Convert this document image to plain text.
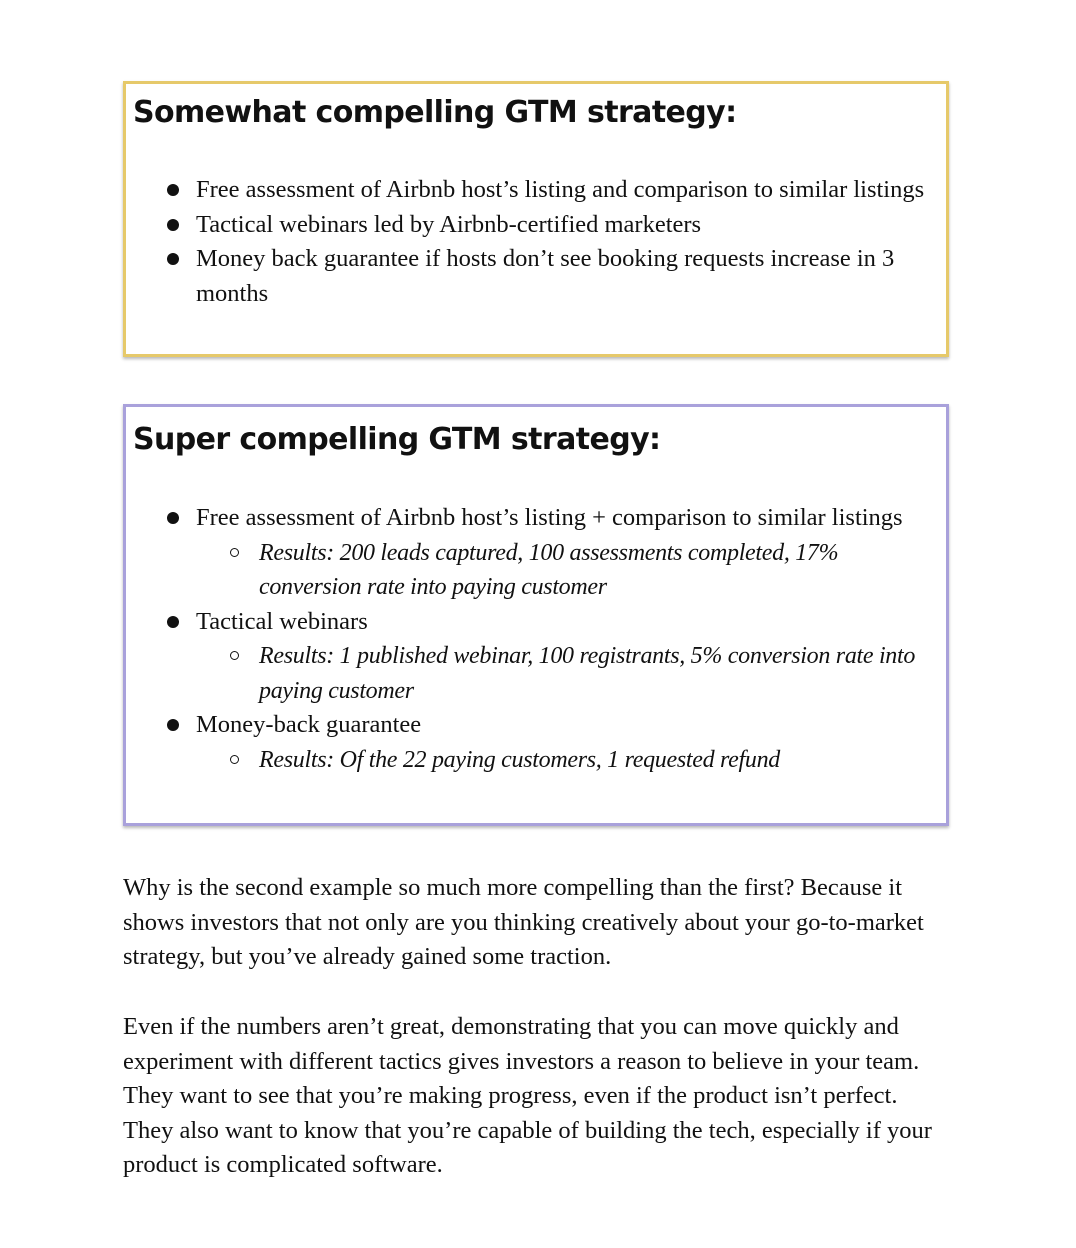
Somewhat compelling GTM strategy:
Free assessment of Airbnb host’s listing and comparison to similar listings
Tactical webinars led by Airbnb-certified marketers
Money back guarantee if hosts don’t see booking requests increase in 3 months
Super compelling GTM strategy:
Free assessment of Airbnb host’s listing + comparison to similar listings
Results: 200 leads captured, 100 assessments completed, 17% conversion rate into paying customer
Tactical webinars
Results: 1 published webinar, 100 registrants, 5% conversion rate into paying customer
Money-back guarantee
Results: Of the 22 paying customers, 1 requested refund

Why is the second example so much more compelling than the first? Because it shows investors that not only are you thinking creatively about your go-to-market strategy, but you’ve already gained some traction.

Even if the numbers aren’t great, demonstrating that you can move quickly and experiment with different tactics gives investors a reason to believe in your team. They want to see that you’re making progress, even if the product isn’t perfect. They also want to know that you’re capable of building the tech, especially if your product is complicated software.
